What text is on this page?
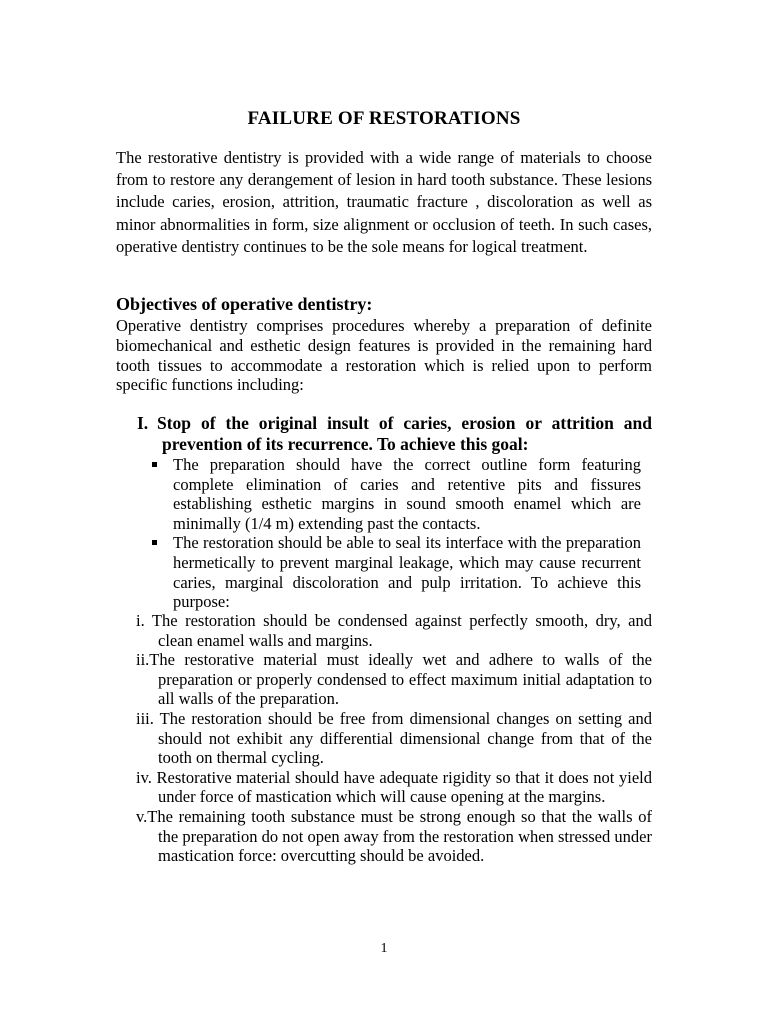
FAILURE OF RESTORATIONS

The restorative dentistry is provided with a wide range of materials to choose from to restore any derangement of lesion in hard tooth substance. These lesions include caries, erosion, attrition, traumatic fracture , discoloration as well as minor abnormalities in form, size alignment or occlusion of teeth. In such cases, operative dentistry continues to be the sole means for logical treatment.

Objectives of operative dentistry:

Operative dentistry comprises procedures whereby a preparation of definite biomechanical and esthetic design features is provided in the remaining hard tooth tissues to accommodate a restoration which is relied upon to perform specific functions including:

I. Stop of the original insult of caries, erosion or attrition and
prevention of its recurrence. To achieve this goal:
The preparation should have the correct outline form featuring complete elimination of caries and retentive pits and fissures establishing esthetic margins in sound smooth enamel which are minimally (1/4 m) extending past the contacts.
The restoration should be able to seal its interface with the preparation hermetically to prevent marginal leakage, which may cause recurrent caries, marginal discoloration and pulp irritation. To achieve this purpose:
i. The restoration should be condensed against perfectly smooth, dry, and clean enamel walls and margins.
ii.The restorative material must ideally wet and adhere to walls of the preparation or properly condensed to effect maximum initial adaptation to all walls of the preparation.
iii. The restoration should be free from dimensional changes on setting and should not exhibit any differential dimensional change from that of the tooth on thermal cycling.
iv. Restorative material should have adequate rigidity so that it does not yield under force of mastication which will cause opening at the margins.
v.The remaining tooth substance must be strong enough so that the walls of the preparation do not open away from the restoration when stressed under mastication force: overcutting should be avoided.
1
